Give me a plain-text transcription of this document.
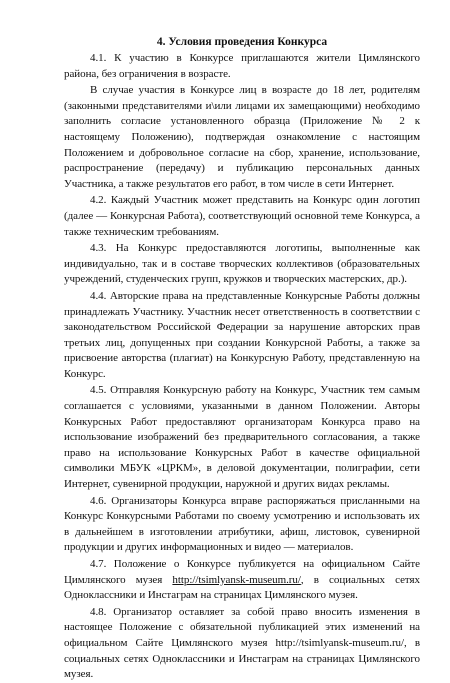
4. Условия проведения Конкурса

4.1. К участию в Конкурсе приглашаются жители Цимлянского района, без ограничения в возрасте.

В случае участия в Конкурсе лиц в возрасте до 18 лет, родителям (законными представителями и\или лицами их замещающими) необходимо заполнить согласие установленного образца (Приложение № 2 к настоящему Положению), подтверждая ознакомление с настоящим Положением и добровольное согласие на сбор, хранение, использование, распространение (передачу) и публикацию персональных данных Участника, а также результатов его работ, в том числе в сети Интернет.

4.2. Каждый Участник может представить на Конкурс один логотип (далее — Конкурсная Работа), соответствующий основной теме Конкурса, а также техническим требованиям.

4.3. На Конкурс предоставляются логотипы, выполненные как индивидуально, так и в составе творческих коллективов (образовательных учреждений, студенческих групп, кружков и творческих мастерских, др.).

4.4. Авторские права на представленные Конкурсные Работы должны принадлежать Участнику. Участник несет ответственность в соответствии с законодательством Российской Федерации за нарушение авторских прав третьих лиц, допущенных при создании Конкурсной Работы, а также за присвоение авторства (плагиат) на Конкурсную Работу, представленную на Конкурс.

4.5. Отправляя Конкурсную работу на Конкурс, Участник тем самым соглашается с условиями, указанными в данном Положении. Авторы Конкурсных Работ предоставляют организаторам Конкурса право на использование изображений без предварительного согласования, а также право на использование Конкурсных Работ в качестве официальной символики МБУК «ЦРКМ», в деловой документации, полиграфии, сети Интернет, сувенирной продукции, наружной и других видах рекламы.

4.6. Организаторы Конкурса вправе распоряжаться присланными на Конкурс Конкурсными Работами по своему усмотрению и использовать их в дальнейшем в изготовлении атрибутики, афиш, листовок, сувенирной продукции и других информационных и видео — материалов.

4.7. Положение о Конкурсе публикуется на официальном Сайте Цимлянского музея http://tsimlyansk-museum.ru/, в социальных сетях Одноклассники и Инстаграм на страницах Цимлянского музея.

4.8. Организатор оставляет за собой право вносить изменения в настоящее Положение с обязательной публикацией этих изменений на официальном Сайте Цимлянского музея http://tsimlyansk-museum.ru/, в социальных сетях Одноклассники и Инстаграм на страницах Цимлянского музея.
